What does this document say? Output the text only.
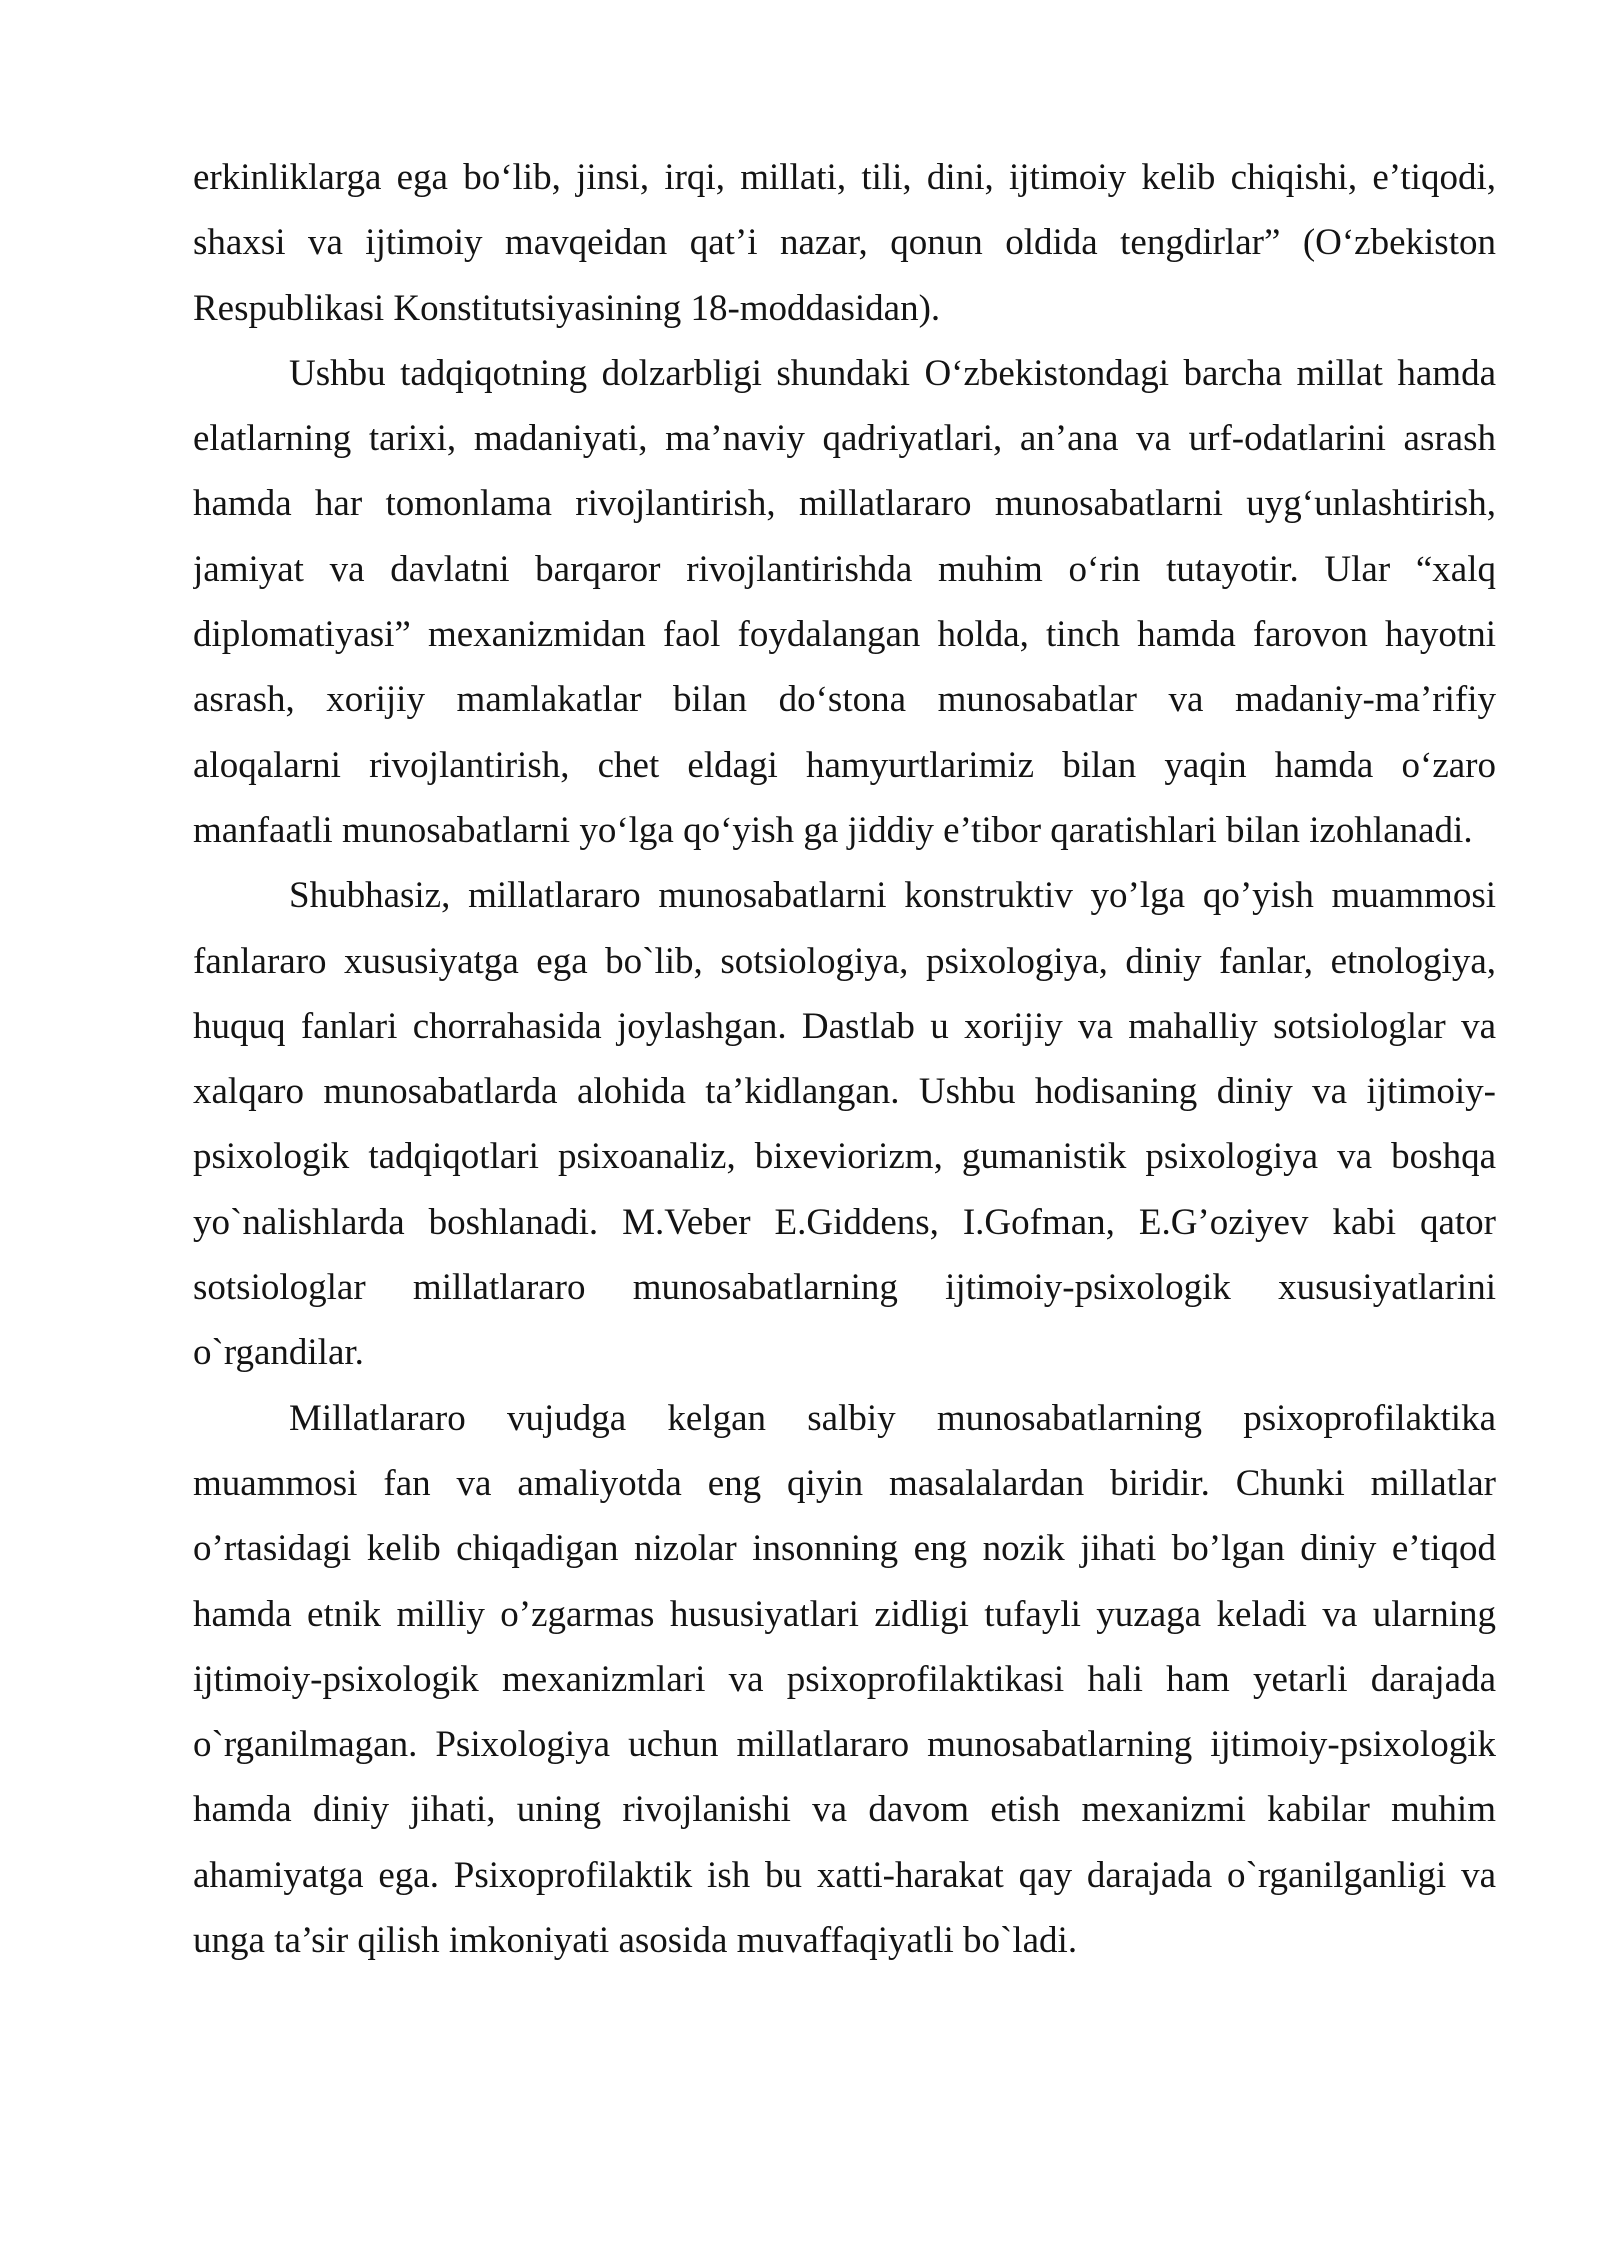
erkinliklarga ega bo‘lib, jinsi, irqi, millati, tili, dini, ijtimoiy kelib chiqishi, e’tiqodi,
shaxsi va ijtimoiy mavqeidan qat’i nazar, qonun oldida tengdirlar” (O‘zbekiston
Respublikasi Konstitutsiyasining 18-moddasidan).
Ushbu tadqiqotning dolzarbligi shundaki O‘zbekistondagi barcha millat hamda
elatlarning tarixi, madaniyati, ma’naviy qadriyatlari, an’ana va urf-odatlarini asrash
hamda har tomonlama rivojlantirish, millatlararo munosabatlarni uyg‘unlashtirish,
jamiyat va davlatni barqaror rivojlantirishda muhim o‘rin tutayotir. Ular “xalq
diplomatiyasi” mexanizmidan faol foydalangan holda, tinch hamda farovon hayotni
asrash, xorijiy mamlakatlar bilan do‘stona munosabatlar va madaniy-ma’rifiy
aloqalarni rivojlantirish, chet eldagi hamyurtlarimiz bilan yaqin hamda o‘zaro
manfaatli munosabatlarni yo‘lga qo‘yish ga jiddiy e’tibor qaratishlari bilan izohlanadi.
Shubhasiz, millatlararo munosabatlarni konstruktiv yo’lga qo’yish muammosi
fanlararo xususiyatga ega bo`lib, sotsiologiya, psixologiya, diniy fanlar, etnologiya,
huquq fanlari chorrahasida joylashgan. Dastlab u xorijiy va mahalliy sotsiologlar va
xalqaro munosabatlarda alohida ta’kidlangan. Ushbu hodisaning diniy va ijtimoiy-
psixologik tadqiqotlari psixoanaliz, bixeviorizm, gumanistik psixologiya va boshqa
yo`nalishlarda boshlanadi. M.Veber E.Giddens, I.Gofman, E.G’oziyev kabi qator
sotsiologlar millatlararo munosabatlarning ijtimoiy-psixologik xususiyatlarini
o`rgandilar.
Millatlararo vujudga kelgan salbiy munosabatlarning psixoprofilaktika
muammosi fan va amaliyotda eng qiyin masalalardan biridir. Chunki millatlar
o’rtasidagi kelib chiqadigan nizolar insonning eng nozik jihati bo’lgan diniy e’tiqod
hamda etnik milliy o’zgarmas hususiyatlari zidligi tufayli yuzaga keladi va ularning
ijtimoiy-psixologik mexanizmlari va psixoprofilaktikasi hali ham yetarli darajada
o`rganilmagan. Psixologiya uchun millatlararo munosabatlarning ijtimoiy-psixologik
hamda diniy jihati, uning rivojlanishi va davom etish mexanizmi kabilar muhim
ahamiyatga ega. Psixoprofilaktik ish bu xatti-harakat qay darajada o`rganilganligi va
unga ta’sir qilish imkoniyati asosida muvaffaqiyatli bo`ladi.
